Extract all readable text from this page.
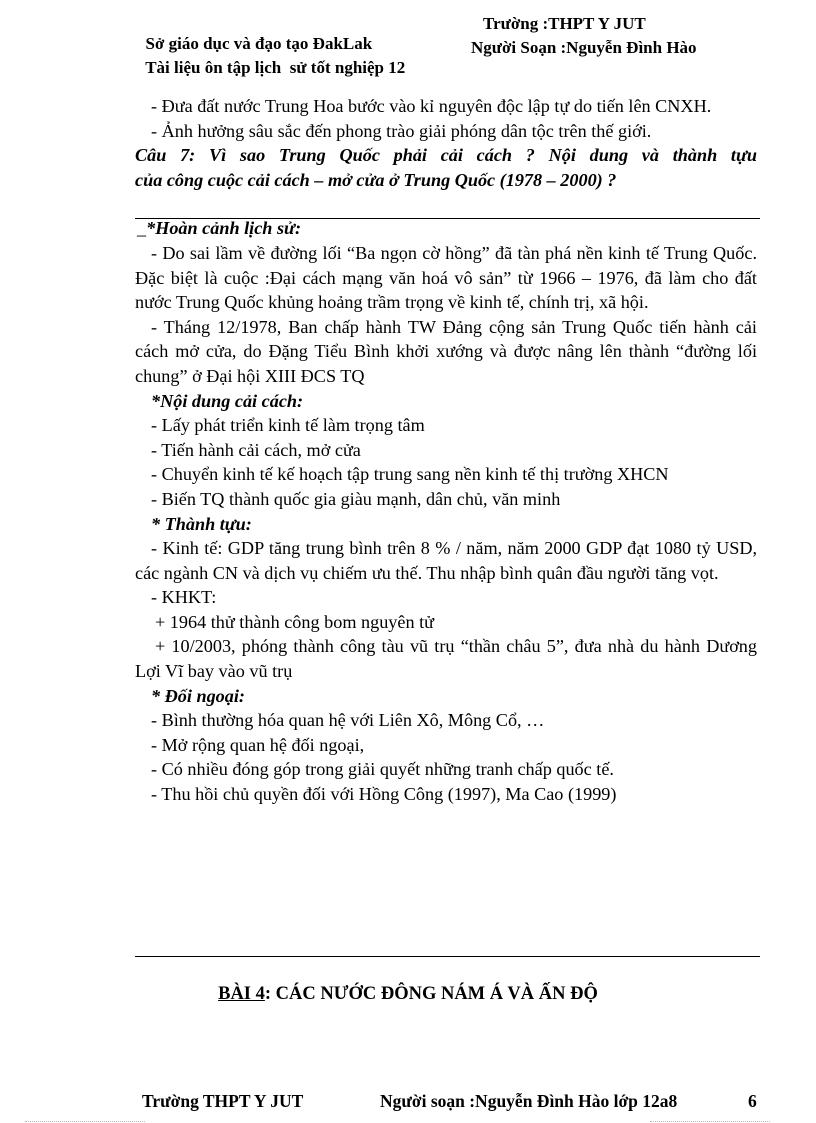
Sở giáo dục và đạo tạo ĐakLak

Trường :THPT Y JUT

Tài liệu ôn tập lịch  sử tốt nghiệp 12

Người Soạn :Nguyễn Đình Hào

- Đưa đất nước Trung Hoa bước vào kỉ nguyên độc lập tự do tiến lên CNXH.

- Ảnh hưởng sâu sắc đến phong trào giải phóng dân tộc trên thế giới.

Câu 7: Vì sao Trung Quốc phải cải cách ? Nội dung và thành tựu

của công cuộc cải cách – mở cửa ở Trung Quốc (1978 – 2000) ?

_*Hoàn cảnh lịch sử:

- Do sai lầm về đường lối “Ba ngọn cờ hồng” đã tàn phá nền kinh tế Trung Quốc. Đặc biệt là cuộc :Đại cách mạng văn hoá vô sản” từ 1966 – 1976, đã làm cho đất nước Trung Quốc khủng hoảng trầm trọng về kinh tế, chính trị, xã hội.

- Tháng 12/1978, Ban chấp hành TW Đảng cộng sản Trung Quốc tiến hành cải cách mở cửa, do Đặng Tiểu Bình khởi xướng và được nâng lên thành “đường lối chung” ở Đại hội XIII ĐCS TQ

*Nội dung cải cách:

- Lấy phát triển kinh tế làm trọng tâm

- Tiến hành cải cách, mở cửa

- Chuyển kinh tế kế hoạch tập trung sang nền kinh tế thị trường XHCN

- Biến TQ thành quốc gia giàu mạnh, dân chủ, văn minh

* Thành tựu:

- Kinh tế: GDP tăng trung bình trên 8 % / năm, năm 2000 GDP đạt 1080 tỷ USD, các ngành CN và dịch vụ chiếm ưu thế. Thu nhập bình quân đầu người tăng vọt.

- KHKT:

+ 1964 thử thành công bom nguyên tử

+ 10/2003, phóng thành công tàu vũ trụ “thần châu 5”, đưa nhà du hành Dương Lợi Vĩ bay vào vũ trụ

* Đối ngoại:

- Bình thường hóa quan hệ với Liên Xô, Mông Cổ, …

- Mở rộng quan hệ đối ngoại,

- Có nhiều đóng góp trong giải quyết những tranh chấp quốc tế.

- Thu hồi chủ quyền đối với Hồng Công (1997), Ma Cao (1999)

BÀI 4: CÁC NƯỚC ĐÔNG NÁM Á VÀ ẤN ĐỘ
Trường THPT Y JUT	Người soạn :Nguyễn Đình Hào lớp 12a8	6
